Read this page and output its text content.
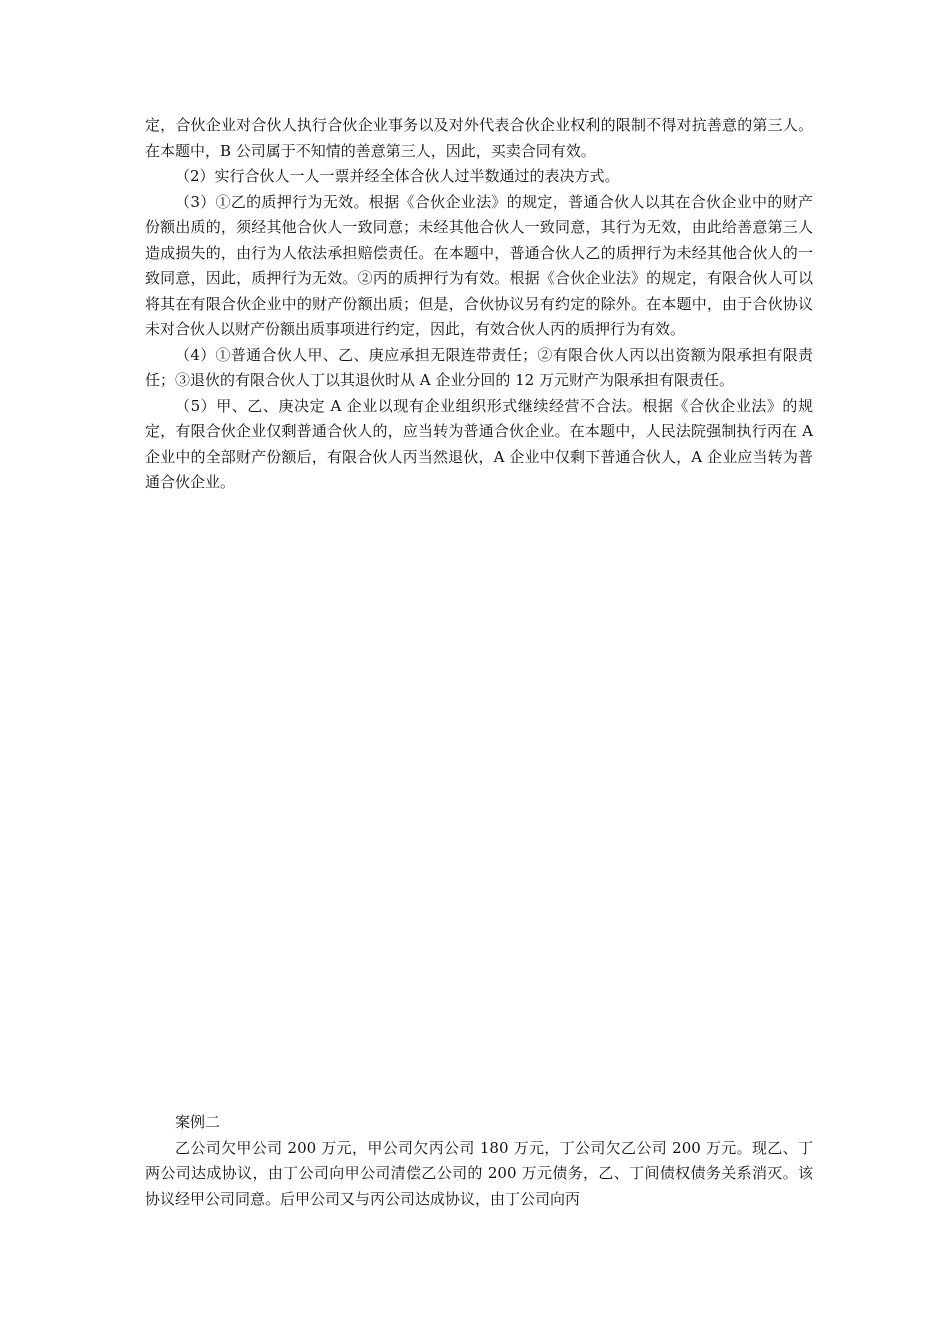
定，合伙企业对合伙人执行合伙企业事务以及对外代表合伙企业权利的限制不得对抗善意的第三人。在本题中，B 公司属于不知情的善意第三人，因此，买卖合同有效。

（2）实行合伙人一人一票并经全体合伙人过半数通过的表决方式。

（3）①乙的质押行为无效。根据《合伙企业法》的规定，普通合伙人以其在合伙企业中的财产份额出质的，须经其他合伙人一致同意；未经其他合伙人一致同意，其行为无效，由此给善意第三人造成损失的，由行为人依法承担赔偿责任。在本题中，普通合伙人乙的质押行为未经其他合伙人的一致同意，因此，质押行为无效。②丙的质押行为有效。根据《合伙企业法》的规定，有限合伙人可以将其在有限合伙企业中的财产份额出质；但是，合伙协议另有约定的除外。在本题中，由于合伙协议未对合伙人以财产份额出质事项进行约定，因此，有效合伙人丙的质押行为有效。

（4）①普通合伙人甲、乙、庚应承担无限连带责任；②有限合伙人丙以出资额为限承担有限责任；③退伙的有限合伙人丁以其退伙时从 A 企业分回的 12 万元财产为限承担有限责任。

（5）甲、乙、庚决定 A 企业以现有企业组织形式继续经营不合法。根据《合伙企业法》的规定，有限合伙企业仅剩普通合伙人的，应当转为普通合伙企业。在本题中，人民法院强制执行丙在 A 企业中的全部财产份额后，有限合伙人丙当然退伙，A 企业中仅剩下普通合伙人，A 企业应当转为普通合伙企业。

案例二

乙公司欠甲公司 200 万元，甲公司欠丙公司 180 万元，丁公司欠乙公司 200 万元。现乙、丁两公司达成协议，由丁公司向甲公司清偿乙公司的 200 万元债务，乙、丁间债权债务关系消灭。该协议经甲公司同意。后甲公司又与丙公司达成协议，由丁公司向丙
